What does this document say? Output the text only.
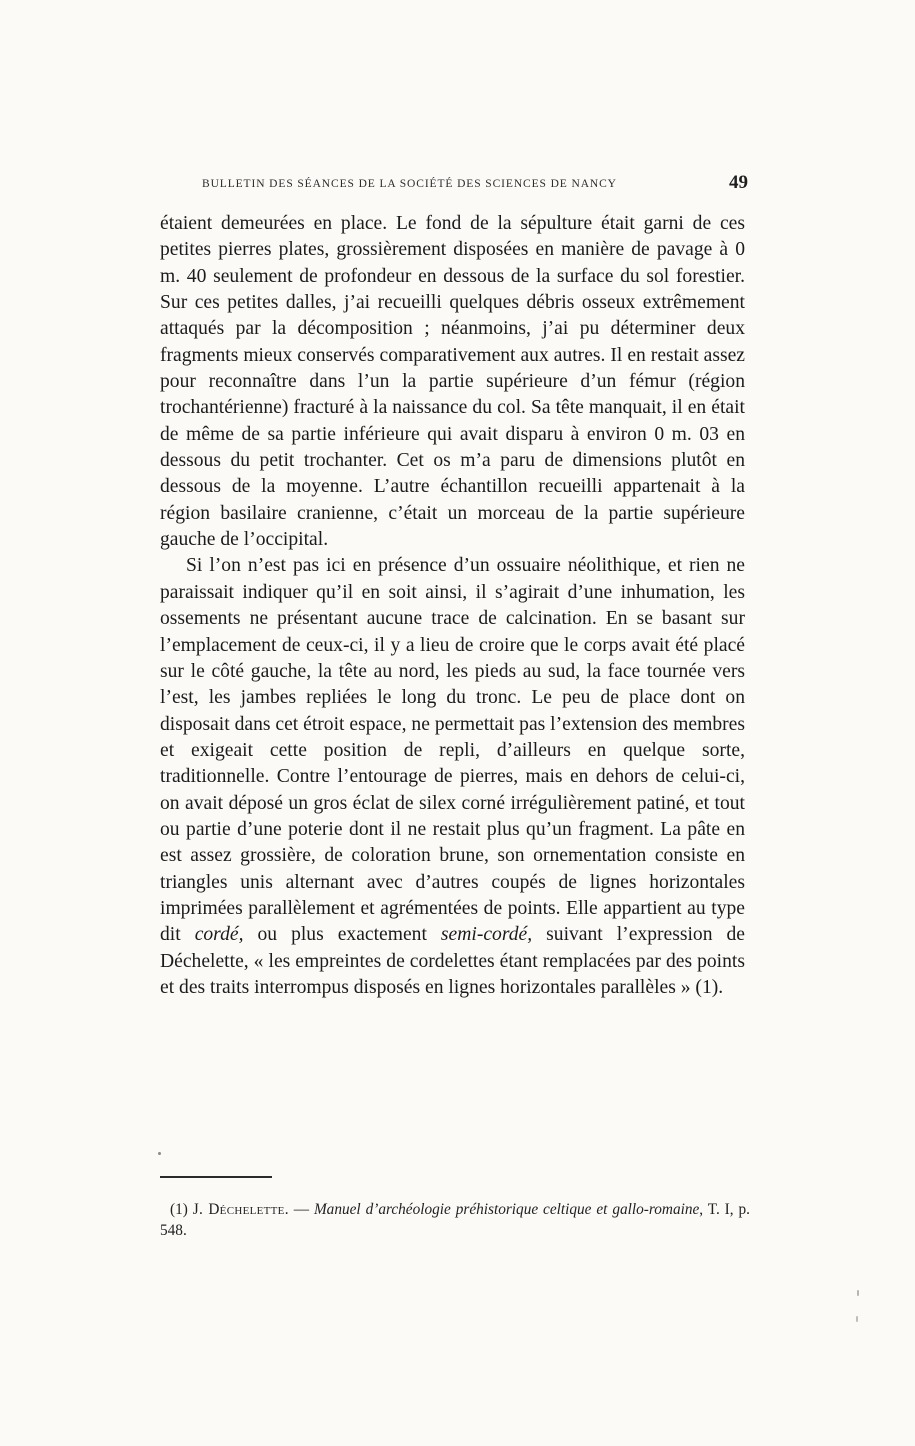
BULLETIN DES SÉANCES DE LA SOCIÉTÉ DES SCIENCES DE NANCY	49

étaient demeurées en place. Le fond de la sépulture était garni de ces petites pierres plates, grossièrement disposées en manière de pavage à 0 m. 40 seulement de profondeur en dessous de la surface du sol forestier. Sur ces petites dalles, j’ai recueilli quelques débris osseux extrêmement attaqués par la décomposition ; néanmoins, j’ai pu déterminer deux fragments mieux conservés comparativement aux autres. Il en restait assez pour reconnaître dans l’un la partie supérieure d’un fémur (région trochantérienne) fracturé à la naissance du col. Sa tête manquait, il en était de même de sa partie inférieure qui avait disparu à environ 0 m. 03 en dessous du petit trochanter. Cet os m’a paru de dimensions plutôt en dessous de la moyenne. L’autre échantillon recueilli appartenait à la région basilaire cranienne, c’était un morceau de la partie supérieure gauche de l’occipital.

Si l’on n’est pas ici en présence d’un ossuaire néolithique, et rien ne paraissait indiquer qu’il en soit ainsi, il s’agirait d’une inhumation, les ossements ne présentant aucune trace de calcination. En se basant sur l’emplacement de ceux-ci, il y a lieu de croire que le corps avait été placé sur le côté gauche, la tête au nord, les pieds au sud, la face tournée vers l’est, les jambes repliées le long du tronc. Le peu de place dont on disposait dans cet étroit espace, ne permettait pas l’extension des membres et exigeait cette position de repli, d’ailleurs en quelque sorte, traditionnelle. Contre l’entourage de pierres, mais en dehors de celui-ci, on avait déposé un gros éclat de silex corné irrégulièrement patiné, et tout ou partie d’une poterie dont il ne restait plus qu’un fragment. La pâte en est assez grossière, de coloration brune, son ornementation consiste en triangles unis alternant avec d’autres coupés de lignes horizontales imprimées parallèlement et agrémentées de points. Elle appartient au type dit cordé, ou plus exactement semi-cordé, suivant l’expression de Déchelette, « les empreintes de cordelettes étant remplacées par des points et des traits interrompus disposés en lignes horizontales parallèles » (1).

(1) J. Déchelette. — Manuel d’archéologie préhistorique celtique et gallo-romaine, T. I, p. 548.
